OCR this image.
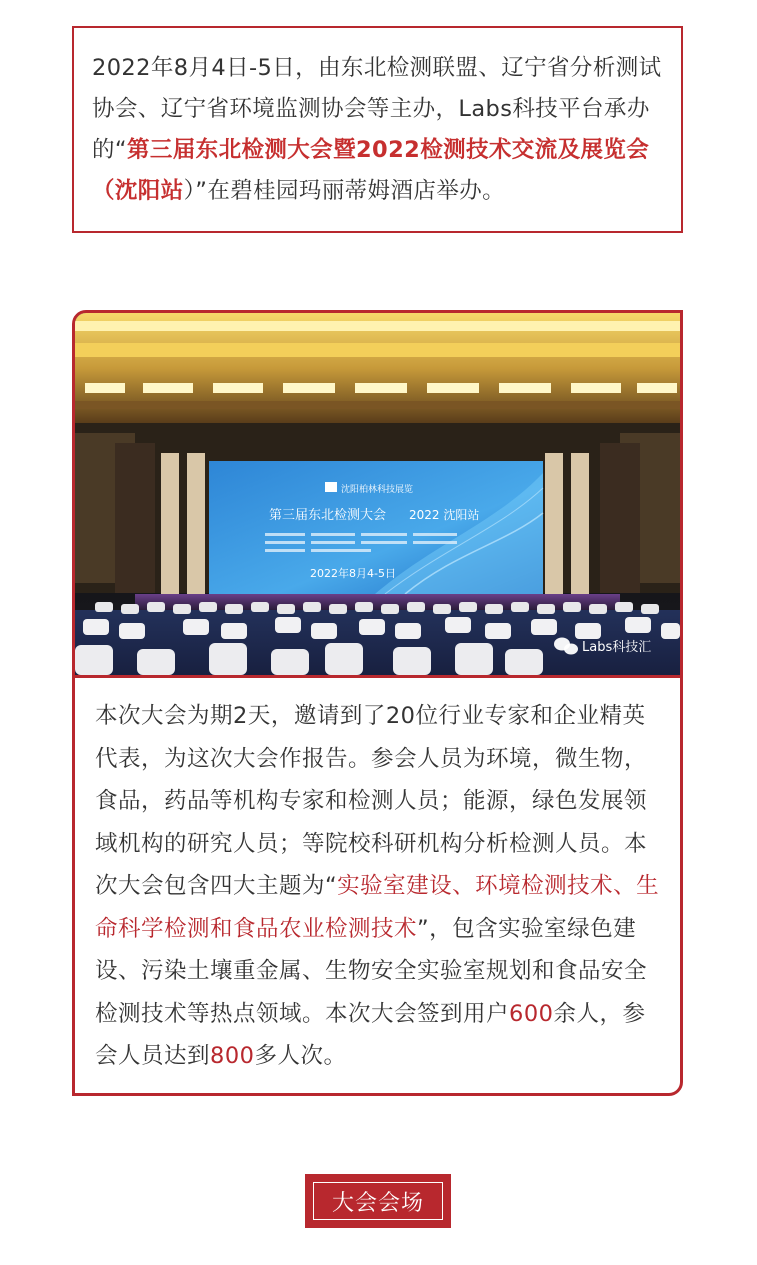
2022年8月4日-5日，由东北检测联盟、辽宁省分析测试协会、辽宁省环境监测协会等主办，Labs科技平台承办的“第三届东北检测大会暨2022检测技术交流及展览会（沈阳站）”在碧桂园玛丽蒂姆酒店举办。
沈阳柏林科技展览
第三届东北检测大会 2022 沈阳站
2022年8月4-5日
Labs科技汇
本次大会为期2天，邀请到了20位行业专家和企业精英代表，为这次大会作报告。参会人员为环境，微生物，食品，药品等机构专家和检测人员；能源，绿色发展领域机构的研究人员；等院校科研机构分析检测人员。本次大会包含四大主题为“实验室建设、环境检测技术、生命科学检测和食品农业检测技术”，包含实验室绿色建设、污染土壤重金属、生物安全实验室规划和食品安全检测技术等热点领域。本次大会签到用户600余人，参会人员达到800多人次。
大会会场
